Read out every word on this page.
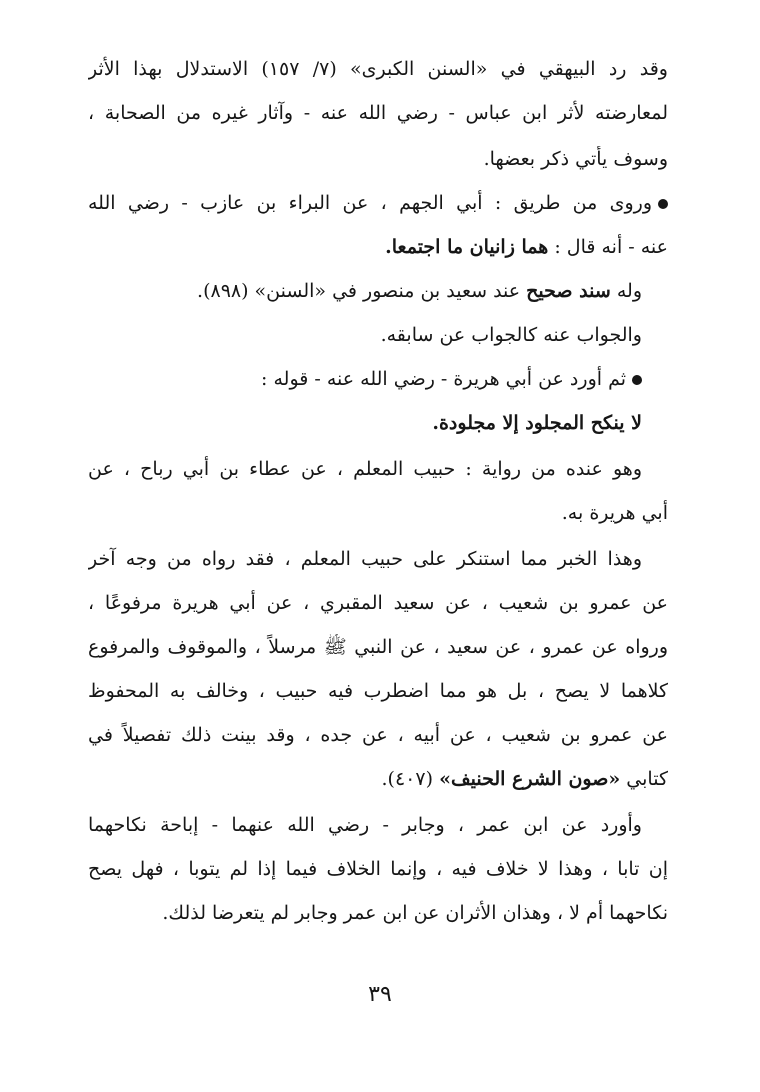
وقد رد البيهقي في «السنن الكبرى» (٧/ ١٥٧) الاستدلال بهذا الأثر
لمعارضته لأثر ابن عباس - رضي الله عنه - وآثار غيره من الصحابة ،
وسوف يأتي ذكر بعضها.
وروى من طريق : أبي الجهم ، عن البراء بن عازب - رضي الله
عنه - أنه قال : هما زانيان ما اجتمعا.
وله سند صحيح عند سعيد بن منصور في «السنن» (٨٩٨).
والجواب عنه كالجواب عن سابقه.
ثم أورد عن أبي هريرة - رضي الله عنه - قوله :
لا ينكح المجلود إلا مجلودة.
وهو عنده من رواية : حبيب المعلم ، عن عطاء بن أبي رباح ، عن
أبي هريرة به.
وهذا الخبر مما استنكر على حبيب المعلم ، فقد رواه من وجه آخر
عن عمرو بن شعيب ، عن سعيد المقبري ، عن أبي هريرة مرفوعًا ،
ورواه عن عمرو ، عن سعيد ، عن النبي ﷺ مرسلاً ، والموقوف والمرفوع
كلاهما لا يصح ، بل هو مما اضطرب فيه حبيب ، وخالف به المحفوظ
عن عمرو بن شعيب ، عن أبيه ، عن جده ، وقد بينت ذلك تفصيلاً في
كتابي «صون الشرع الحنيف» (٤٠٧).
وأورد عن ابن عمر ، وجابر - رضي الله عنهما - إباحة نكاحهما
إن تابا ، وهذا لا خلاف فيه ، وإنما الخلاف فيما إذا لم يتوبا ، فهل يصح
نكاحهما أم لا ، وهذان الأثران عن ابن عمر وجابر لم يتعرضا لذلك.
٣٩
